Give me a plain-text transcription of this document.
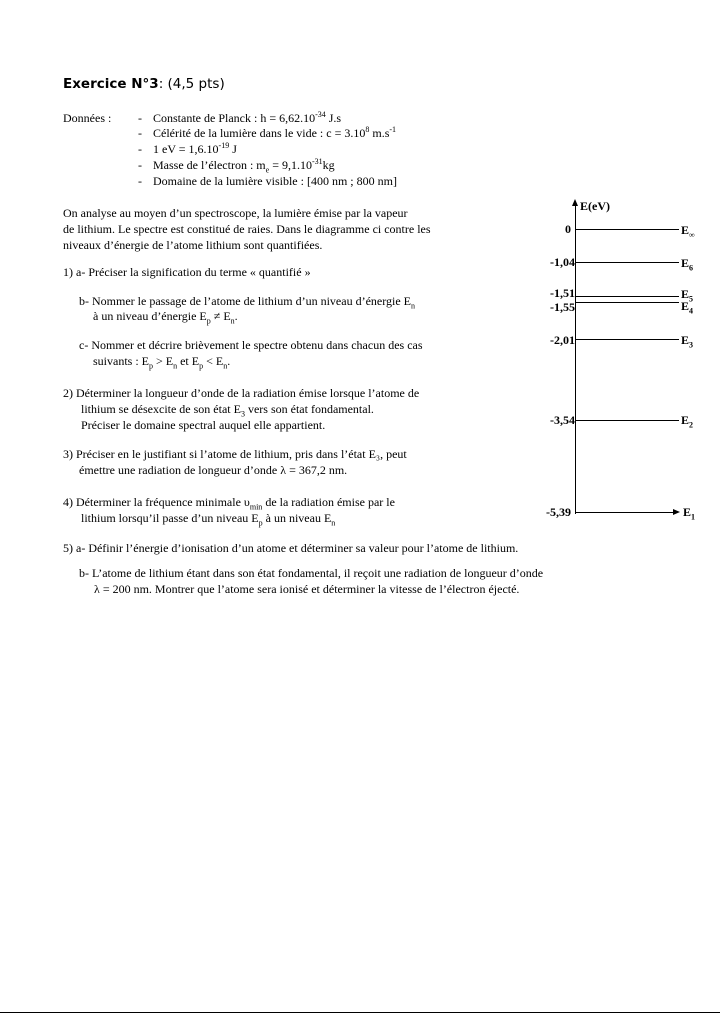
Exercice N°3: (4,5 pts)
Données : - Constante de Planck : $h = 6,62.10^{-34}$ J.s
- Célérité de la lumière dans le vide : $c = 3.10^8$ $m.s^{-1}$
- 1 eV = $1,6.10^{-19}$ J
- Masse de l’électron : $m_e = 9,1.10^{-31}kg$
- Domaine de la lumière visible : [400 nm ; 800 nm]
On analyse au moyen d’un spectroscope, la lumière émise par la vapeur
de lithium. Le spectre est constitué de raies. Dans le diagramme ci contre les
niveaux d’énergie de l’atome lithium sont quantifiées.
1) a- Préciser la signification du terme « quantifié »
b- Nommer le passage de l’atome de lithium d’un niveau d’énergie $E_n$
à un niveau d’énergie $E_p \ne E_n$.
c- Nommer et décrire brièvement le spectre obtenu dans chacun des cas
suivants : $E_p > E_n$ et $E_p < E_n$.
2) Déterminer la longueur d’onde de la radiation émise lorsque l’atome de
lithium se désexcite de son état $E_3$ vers son état fondamental.
Préciser le domaine spectral auquel elle appartient.
3) Préciser en le justifiant si l’atome de lithium, pris dans l’état E₃, peut
émettre une radiation de longueur d’onde λ = 367,2 nm.
4) Déterminer la fréquence minimale $\upsilon_{min}$ de la radiation émise par le
lithium lorsqu’il passe d’un niveau $E_p$ à un niveau $E_n$
5) a- Définir l’énergie d’ionisation d’un atome et déterminer sa valeur pour l’atome de lithium.
b- L’atome de lithium étant dans son état fondamental, il reçoit une radiation de longueur d’onde
λ = 200 nm. Montrer que l’atome sera ionisé et déterminer la vitesse de l’électron éjecté.
E(eV)
0	$E_\infty$
-1,04	$E_6$
-1,51	$E_5$
-1,55	$E_4$
-2,01	$E_3$
-3,54	$E_2$
-5,39	$E_1$
